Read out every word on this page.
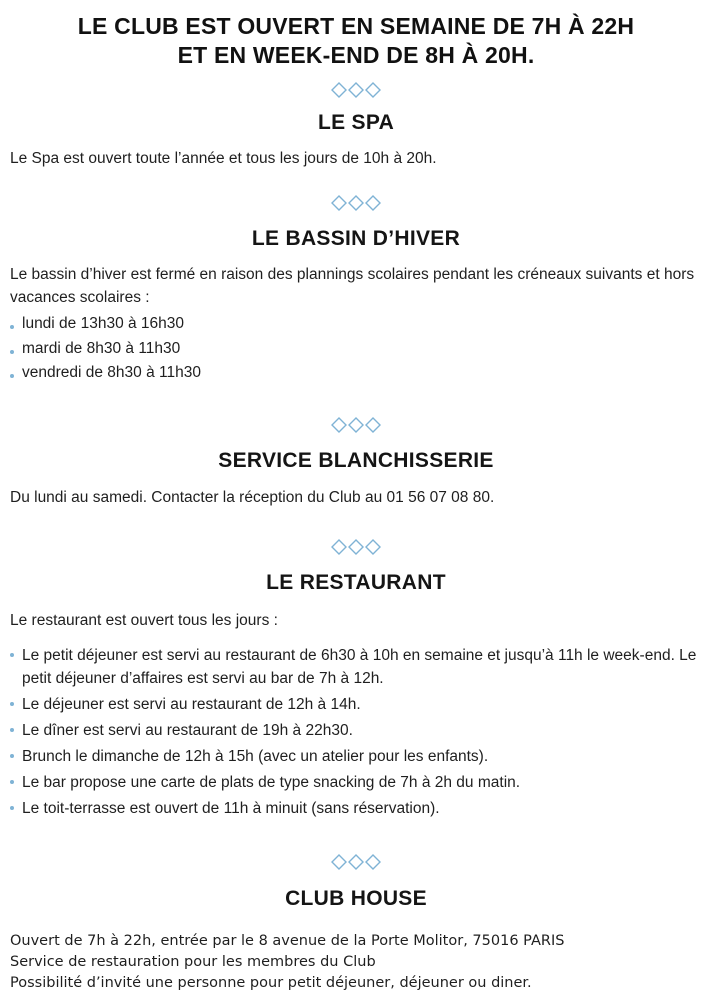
LE CLUB EST OUVERT EN SEMAINE DE 7H À 22H
ET EN WEEK-END DE 8H À 20H.
LE SPA

Le Spa est ouvert toute l’année et tous les jours de 10h à 20h.

LE BASSIN D’HIVER

Le bassin d’hiver est fermé en raison des plannings scolaires pendant les créneaux suivants et hors vacances scolaires :

lundi de 13h30 à 16h30
mardi de 8h30 à 11h30
vendredi de 8h30 à 11h30
SERVICE BLANCHISSERIE

Du lundi au samedi. Contacter la réception du Club au 01 56 07 08 80.

LE RESTAURANT

Le restaurant est ouvert tous les jours :

Le petit déjeuner est servi au restaurant de 6h30 à 10h en semaine et jusqu’à 11h le week-end. Le petit déjeuner d’affaires est servi au bar de 7h à 12h.
Le déjeuner est servi au restaurant de 12h à 14h.
Le dîner est servi au restaurant de 19h à 22h30.
Brunch le dimanche de 12h à 15h (avec un atelier pour les enfants).
Le bar propose une carte de plats de type snacking de 7h à 2h du matin.
Le toit-terrasse est ouvert de 11h à minuit (sans réservation).
CLUB HOUSE
Ouvert de 7h à 22h, entrée par le 8 avenue de la Porte Molitor, 75016 PARIS
Service de restauration pour les membres du Club
Possibilité d’invité une personne pour petit déjeuner, déjeuner ou diner.
